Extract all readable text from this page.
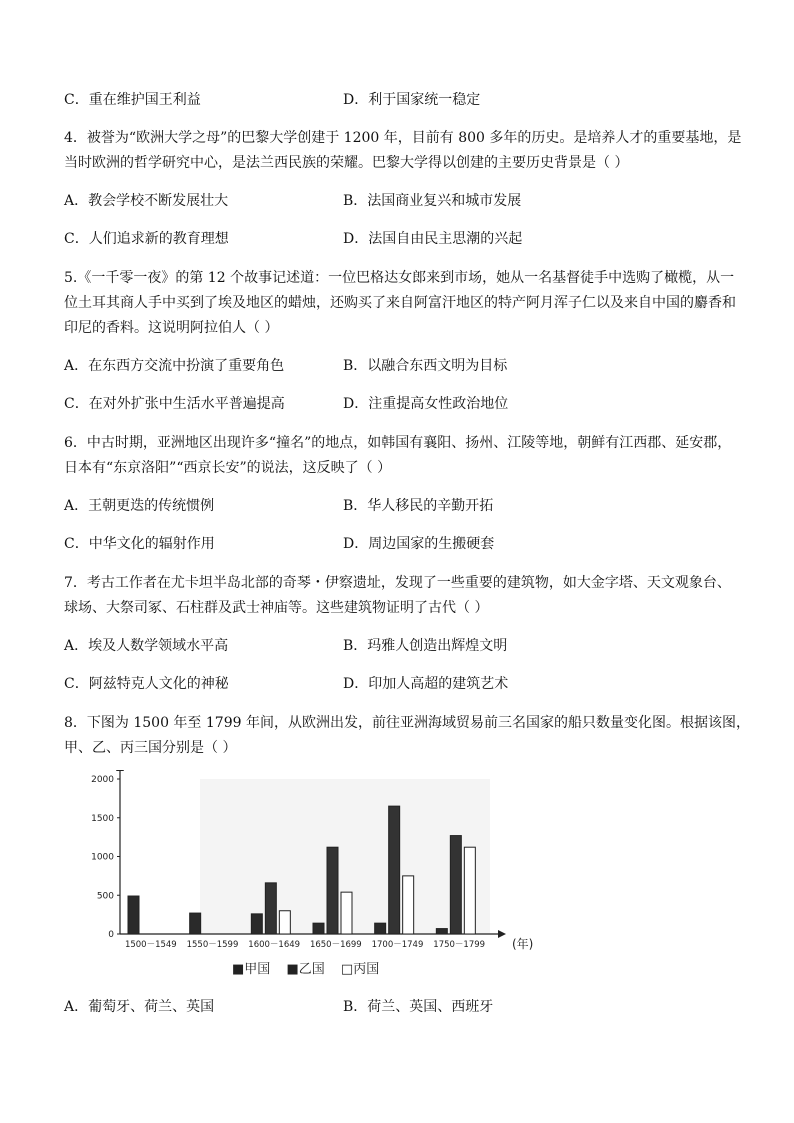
C．重在维护国王利益	D．利于国家统一稳定
4．被誉为“欧洲大学之母”的巴黎大学创建于 1200 年，目前有 800 多年的历史。是培养人才的重要基地，是
当时欧洲的哲学研究中心，是法兰西民族的荣耀。巴黎大学得以创建的主要历史背景是（ ）
A．教会学校不断发展壮大	B．法国商业复兴和城市发展
C．人们追求新的教育理想	D．法国自由民主思潮的兴起
5.《一千零一夜》的第 12 个故事记述道：一位巴格达女郎来到市场，她从一名基督徒手中选购了橄榄，从一
位土耳其商人手中买到了埃及地区的蜡烛，还购买了来自阿富汗地区的特产阿月浑子仁以及来自中国的麝香和
印尼的香料。这说明阿拉伯人（ ）
A．在东西方交流中扮演了重要角色	B．以融合东西文明为目标
C．在对外扩张中生活水平普遍提高	D．注重提高女性政治地位
6．中古时期，亚洲地区出现许多“撞名”的地点，如韩国有襄阳、扬州、江陵等地，朝鲜有江西郡、延安郡，
日本有“东京洛阳”“西京长安”的说法，这反映了（ ）
A．王朝更迭的传统惯例	B．华人移民的辛勤开拓
C．中华文化的辐射作用	D．周边国家的生搬硬套
7．考古工作者在尤卡坦半岛北部的奇琴・伊察遗址，发现了一些重要的建筑物，如大金字塔、天文观象台、
球场、大祭司冢、石柱群及武士神庙等。这些建筑物证明了古代（ ）
A．埃及人数学领域水平高	B．玛雅人创造出辉煌文明
C．阿兹特克人文化的神秘	D．印加人高超的建筑艺术
8．下图为 1500 年至 1799 年间，从欧洲出发，前往亚洲海域贸易前三名国家的船只数量变化图。根据该图，
甲、乙、丙三国分别是（ ）
0
500
1000
1500
2000
1500－1549 1550－1599 1600－1649 1650－1699 1700－1749 1750－1799 (年)
■甲国 ■乙国 □丙国
A．葡萄牙、荷兰、英国	B．荷兰、英国、西班牙
